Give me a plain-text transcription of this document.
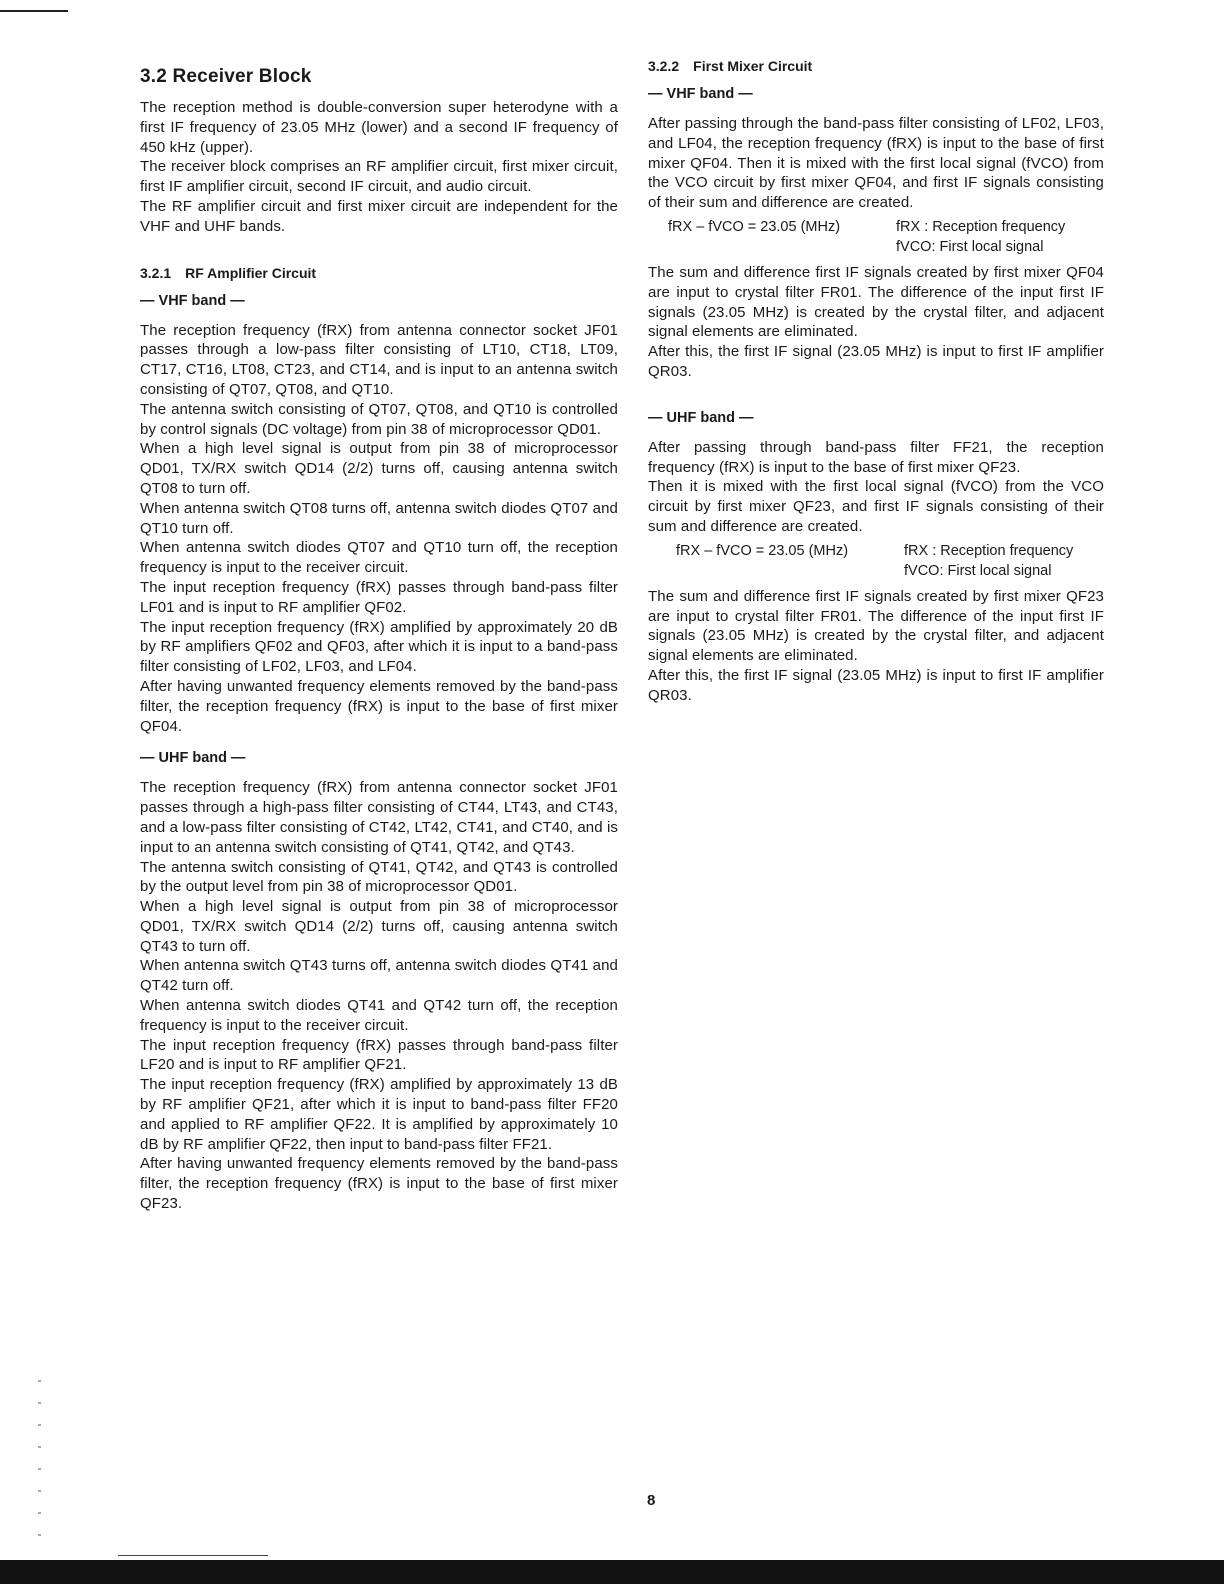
3.2 Receiver Block

The reception method is double-conversion super heterodyne with a first IF frequency of 23.05 MHz (lower) and a second IF frequency of 450 kHz (upper).

The receiver block comprises an RF amplifier circuit, first mixer circuit, first IF amplifier circuit, second IF circuit, and audio circuit.

The RF amplifier circuit and first mixer circuit are independent for the VHF and UHF bands.

3.2.1 RF Amplifier Circuit
— VHF band —

The reception frequency (fRX) from antenna connector socket JF01 passes through a low-pass filter consisting of LT10, CT18, LT09, CT17, CT16, LT08, CT23, and CT14, and is input to an antenna switch consisting of QT07, QT08, and QT10.

The antenna switch consisting of QT07, QT08, and QT10 is controlled by control signals (DC voltage) from pin 38 of microprocessor QD01.

When a high level signal is output from pin 38 of microprocessor QD01, TX/RX switch QD14 (2/2) turns off, causing antenna switch QT08 to turn off.

When antenna switch QT08 turns off, antenna switch diodes QT07 and QT10 turn off.

When antenna switch diodes QT07 and QT10 turn off, the reception frequency is input to the receiver circuit.

The input reception frequency (fRX) passes through band-pass filter LF01 and is input to RF amplifier QF02.

The input reception frequency (fRX) amplified by approximately 20 dB by RF amplifiers QF02 and QF03, after which it is input to a band-pass filter consisting of LF02, LF03, and LF04.

After having unwanted frequency elements removed by the band-pass filter, the reception frequency (fRX) is input to the base of first mixer QF04.

— UHF band —

The reception frequency (fRX) from antenna connector socket JF01 passes through a high-pass filter consisting of CT44, LT43, and CT43, and a low-pass filter consisting of CT42, LT42, CT41, and CT40, and is input to an antenna switch consisting of QT41, QT42, and QT43.

The antenna switch consisting of QT41, QT42, and QT43 is controlled by the output level from pin 38 of microprocessor QD01.

When a high level signal is output from pin 38 of microprocessor QD01, TX/RX switch QD14 (2/2) turns off, causing antenna switch QT43 to turn off.

When antenna switch QT43 turns off, antenna switch diodes QT41 and QT42 turn off.

When antenna switch diodes QT41 and QT42 turn off, the reception frequency is input to the receiver circuit.

The input reception frequency (fRX) passes through band-pass filter LF20 and is input to RF amplifier QF21.

The input reception frequency (fRX) amplified by approximately 13 dB by RF amplifier QF21, after which it is input to band-pass filter FF20 and applied to RF amplifier QF22. It is amplified by approximately 10 dB by RF amplifier QF22, then input to band-pass filter FF21.

After having unwanted frequency elements removed by the band-pass filter, the reception frequency (fRX) is input to the base of first mixer QF23.

3.2.2 First Mixer Circuit
— VHF band —

After passing through the band-pass filter consisting of LF02, LF03, and LF04, the reception frequency (fRX) is input to the base of first mixer QF04. Then it is mixed with the first local signal (fVCO) from the VCO circuit by first mixer QF04, and first IF signals consisting of their sum and difference are created.

fRX – fVCO = 23.05 (MHz)	fRX : Reception frequency
fVCO: First local signal

The sum and difference first IF signals created by first mixer QF04 are input to crystal filter FR01. The difference of the input first IF signals (23.05 MHz) is created by the crystal filter, and adjacent signal elements are eliminated.

After this, the first IF signal (23.05 MHz) is input to first IF amplifier QR03.

— UHF band —

After passing through band-pass filter FF21, the reception frequency (fRX) is input to the base of first mixer QF23.

Then it is mixed with the first local signal (fVCO) from the VCO circuit by first mixer QF23, and first IF signals consisting of their sum and difference are created.

fRX – fVCO = 23.05 (MHz)	fRX : Reception frequency
fVCO: First local signal

The sum and difference first IF signals created by first mixer QF23 are input to crystal filter FR01. The difference of the input first IF signals (23.05 MHz) is created by the crystal filter, and adjacent signal elements are eliminated.

After this, the first IF signal (23.05 MHz) is input to first IF amplifier QR03.

8
